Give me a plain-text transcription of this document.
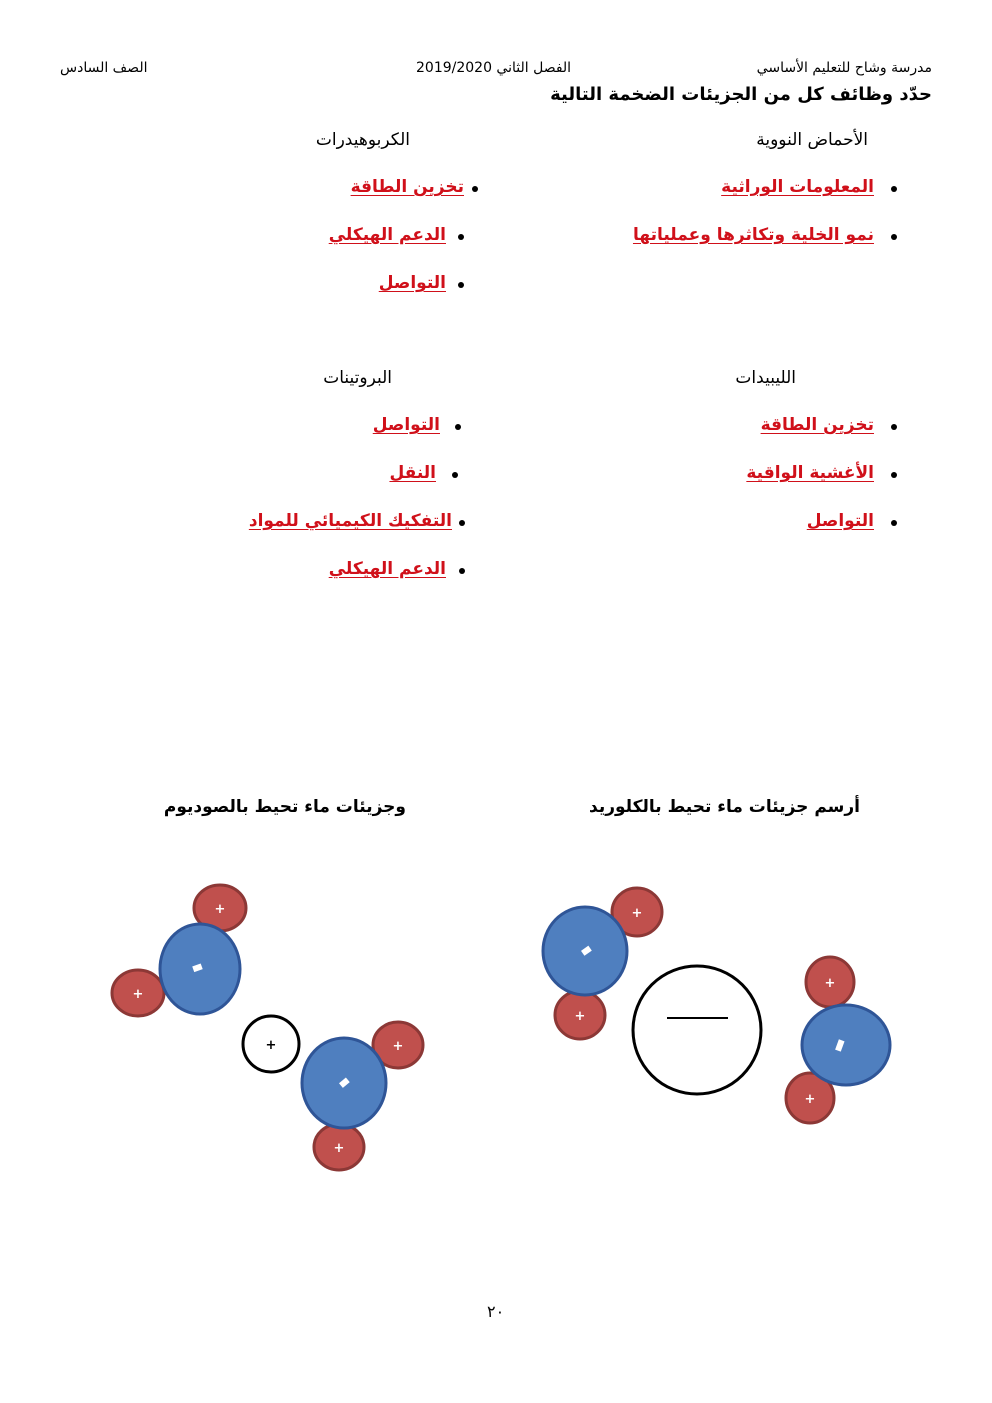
مدرسة وشاح للتعليم الأساسي
الفصل الثاني 2019/2020
الصف السادس
حدّد وظائف كل من الجزيئات الضخمة التالية
الأحماض النووية
المعلومات الوراثية
نمو الخلية وتكاثرها وعملياتها
الكربوهيدرات
تخزين الطاقة
الدعم الهيكلي
التواصل
الليبيدات
تخزين الطاقة
الأغشية الواقية
التواصل
البروتينات
التواصل
النقل
التفكيك الكيميائي للمواد
الدعم الهيكلي
أرسم جزيئات ماء تحيط بالكلوريد
وجزيئات ماء تحيط بالصوديوم
+
+
+	+
+
+
+
+
+
٢٠
